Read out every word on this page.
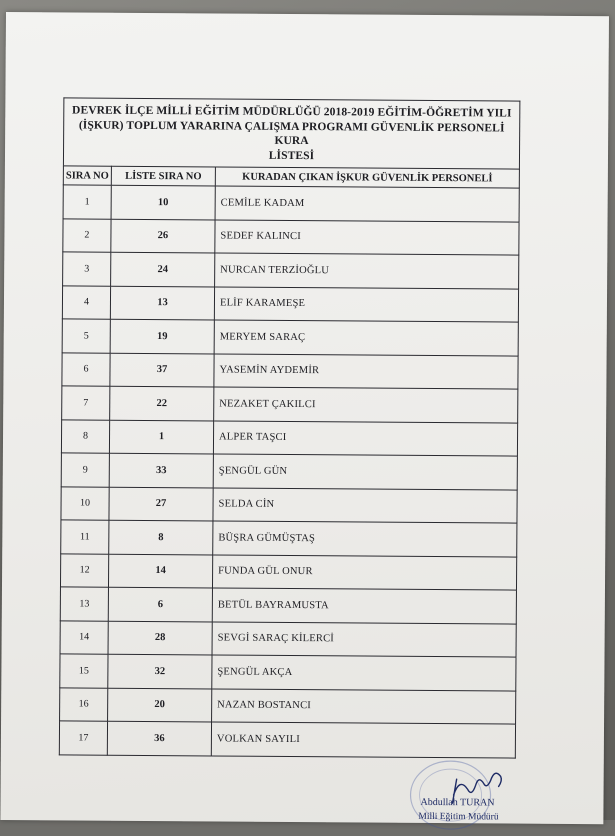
DEVREK İLÇE MİLLİ EĞİTİM MÜDÜRLÜĞÜ 2018-2019 EĞİTİM-ÖĞRETİM YILI
(İŞKUR) TOPLUM YARARINA ÇALIŞMA PROGRAMI GÜVENLİK PERSONELİ KURA
LİSTESİ
SIRA NO	LİSTE SIRA NO	KURADAN ÇIKAN İŞKUR GÜVENLİK PERSONELİ
1	10	CEMİLE KADAM
2	26	SEDEF KALINCI
3	24	NURCAN TERZİOĞLU
4	13	ELİF KARAMEŞE
5	19	MERYEM SARAÇ
6	37	YASEMİN AYDEMİR
7	22	NEZAKET ÇAKILCI
8	1	ALPER TAŞCI
9	33	ŞENGÜL GÜN
10	27	SELDA CİN
11	8	BÜŞRA GÜMÜŞTAŞ
12	14	FUNDA GÜL ONUR
13	6	BETÜL BAYRAMUSTA
14	28	SEVGİ SARAÇ KİLERCİ
15	32	ŞENGÜL AKÇA
16	20	NAZAN BOSTANCI
17	36	VOLKAN SAYILI
Abdullah TURAN
Milli Eğitim Müdürü
